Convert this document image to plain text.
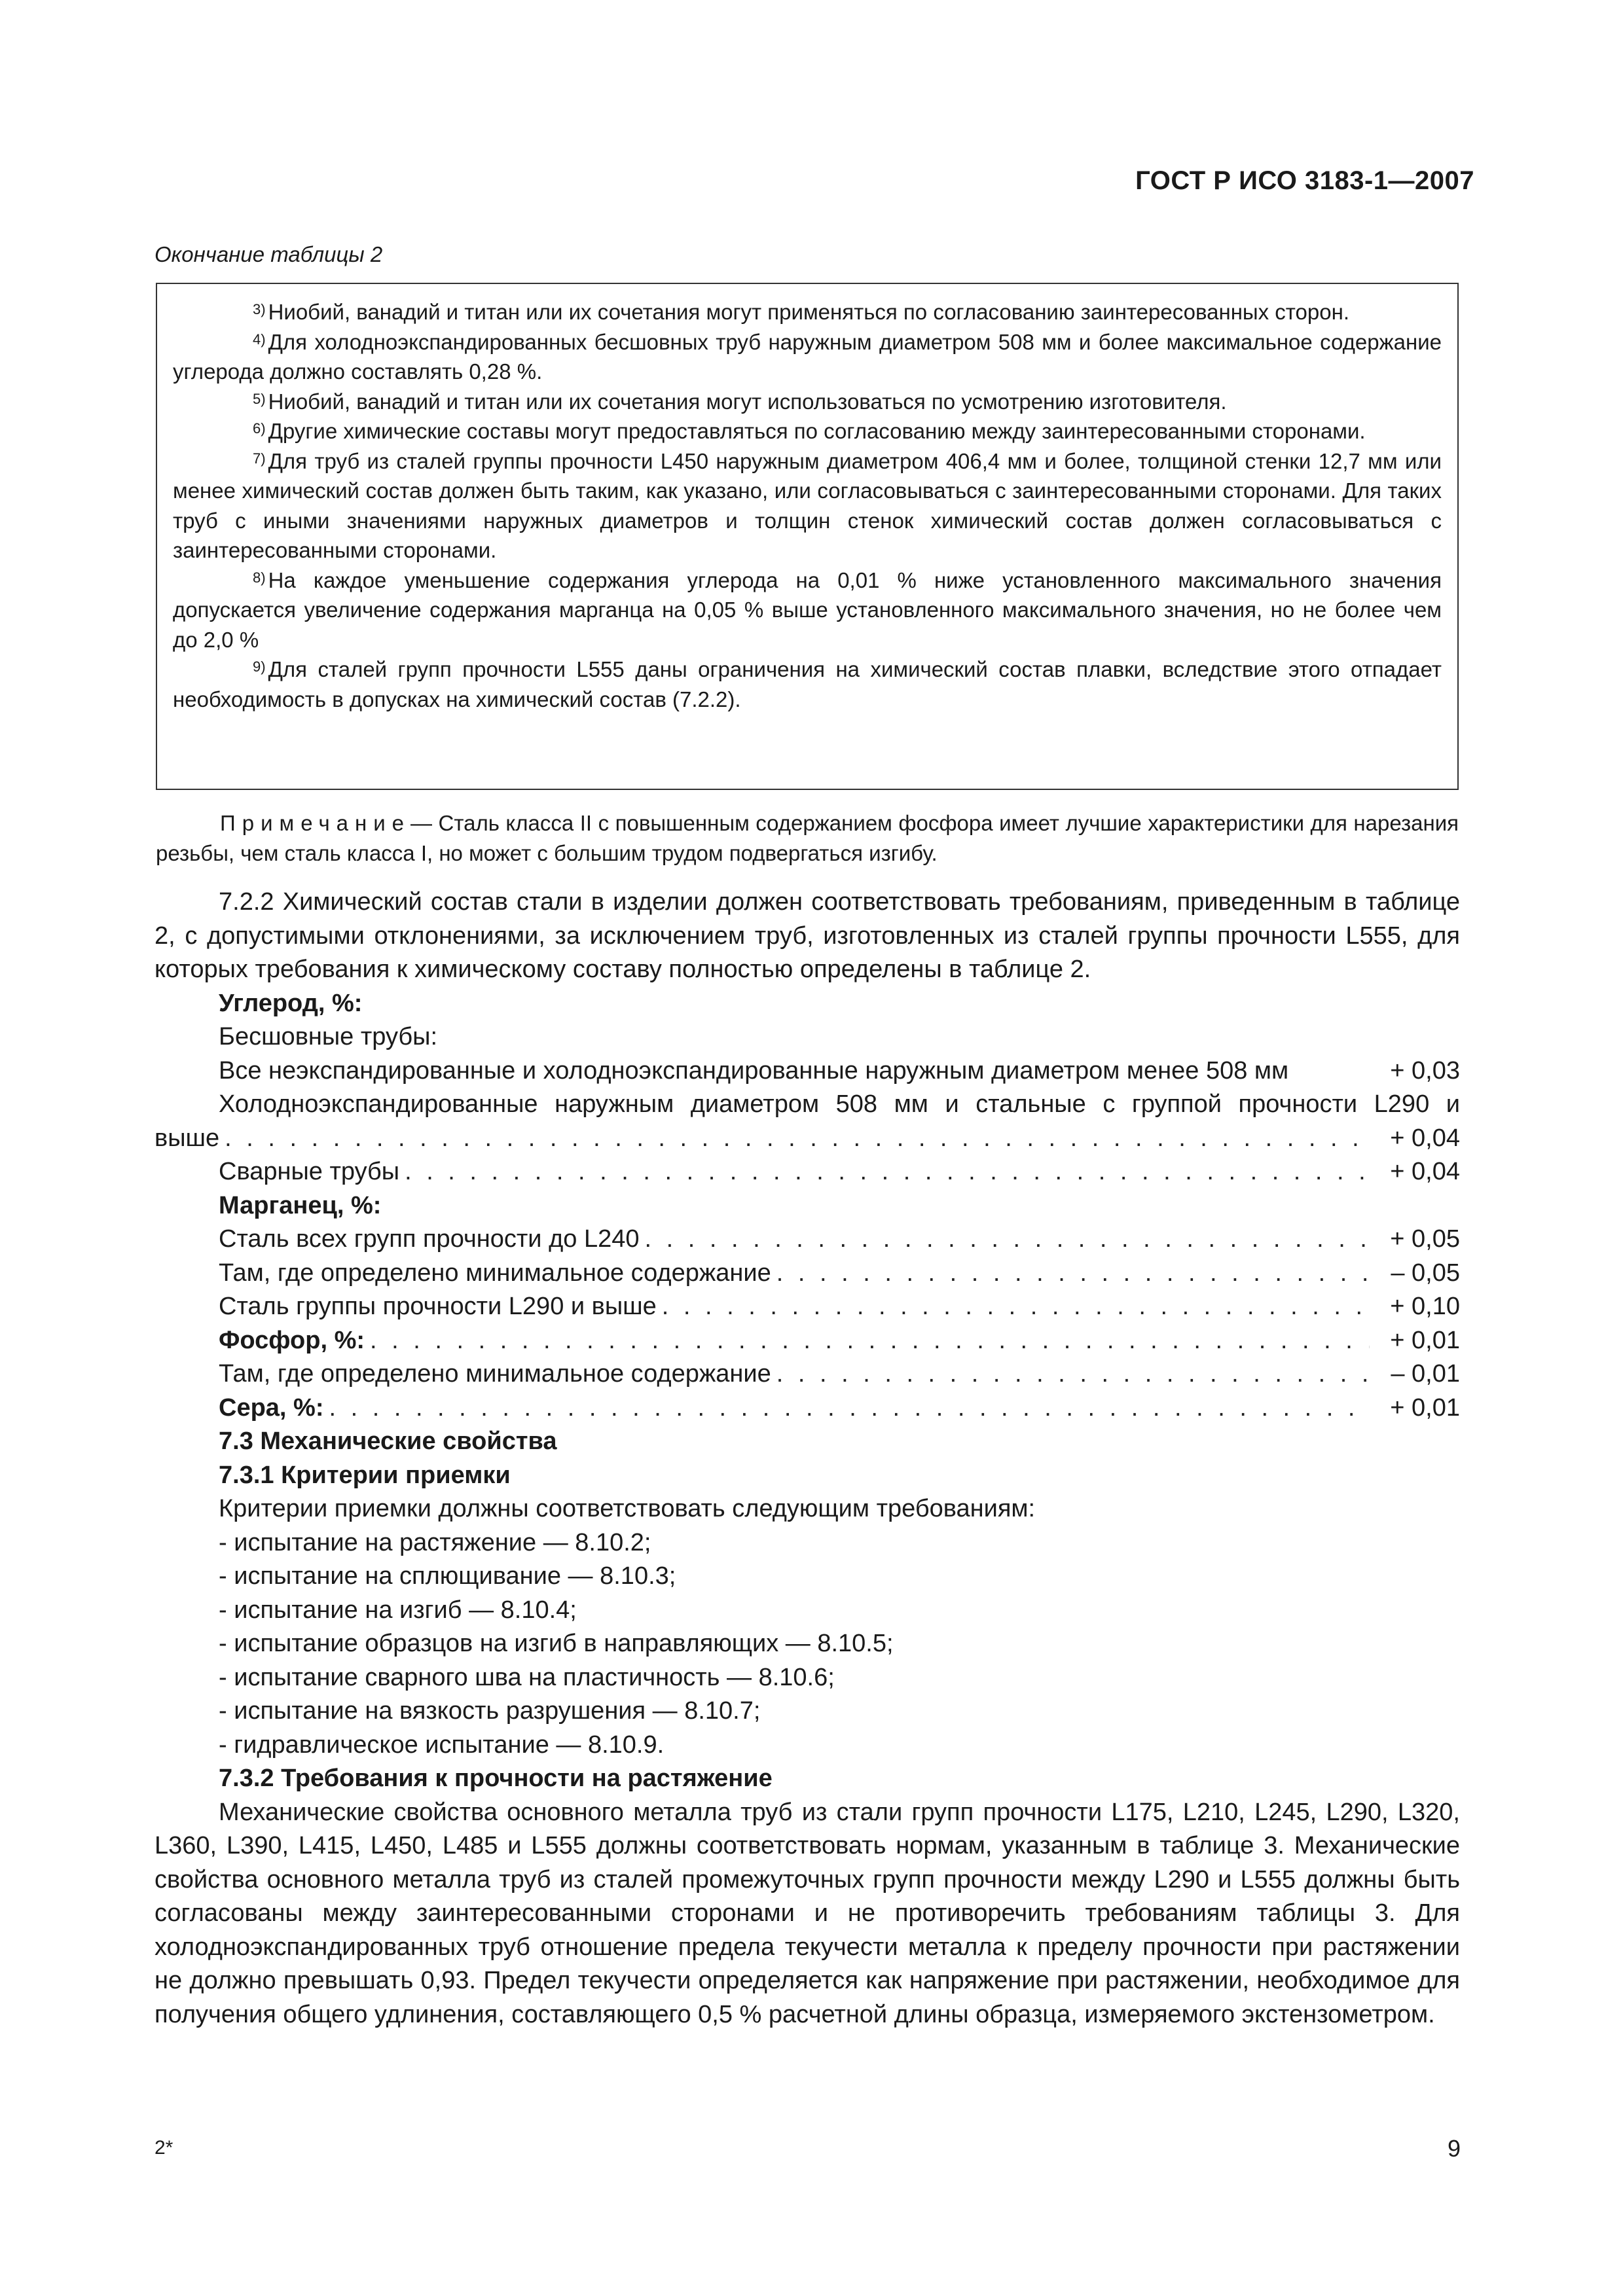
ГОСТ Р ИСО 3183-1—2007
Окончание таблицы 2

$^{3)}$ Ниобий, ванадий и титан или их сочетания могут применяться по согласованию заинтересованных сторон.

$^{4)}$ Для холодноэкспандированных бесшовных труб наружным диаметром 508 мм и более максимальное содержание углерода должно составлять 0,28 %.

$^{5)}$ Ниобий, ванадий и титан или их сочетания могут использоваться по усмотрению изготовителя.

$^{6)}$ Другие химические составы могут предоставляться по согласованию между заинтересованными сторонами.

$^{7)}$ Для труб из сталей группы прочности L450 наружным диаметром 406,4 мм и более, толщиной стенки 12,7 мм или менее химический состав должен быть таким, как указано, или согласовываться с заинтересованными сторонами. Для таких труб с иными значениями наружных диаметров и толщин стенок химический состав должен согласовываться с заинтересованными сторонами.

$^{8)}$ На каждое уменьшение содержания углерода на 0,01 % ниже установленного максимального значения допускается увеличение содержания марганца на 0,05 % выше установленного максимального значения, но не более чем до 2,0 %

$^{9)}$ Для сталей групп прочности L555 даны ограничения на химический состав плавки, вследствие этого отпадает необходимость в допусках на химический состав (7.2.2).

Примечание— Сталь класса II с повышенным содержанием фосфора имеет лучшие характеристики для нарезания резьбы, чем сталь класса I, но может с большим трудом подвергаться изгибу.

7.2.2 Химический состав стали в изделии должен соответствовать требованиям, приведенным в таблице 2, с допустимыми отклонениями, за исключением труб, изготовленных из сталей группы прочности L555, для которых требования к химическому составу полностью определены в таблице 2.

Углерод, %:

Бесшовные трубы:

Все неэкспандированные и холодноэкспандированные наружным диаметром менее 508 мм	+ 0,03

Холодноэкспандированные наружным диаметром 508 мм и стальные с группой прочности L290 и

выше . . .	+ 0,04

Сварные трубы . . .	+ 0,04

Марганец, %:

Сталь всех групп прочности до L240 . . .	+ 0,05

Там, где определено минимальное содержание . . .	– 0,05

Сталь группы прочности L290 и выше . . .	+ 0,10

Фосфор, %: . . .	+ 0,01

Там, где определено минимальное содержание . . .	– 0,01

Сера, %: . . .	+ 0,01

7.3 Механические свойства

7.3.1 Критерии приемки

Критерии приемки должны соответствовать следующим требованиям:

- испытание на растяжение — 8.10.2;

- испытание на сплющивание — 8.10.3;

- испытание на изгиб — 8.10.4;

- испытание образцов на изгиб в направляющих — 8.10.5;

- испытание сварного шва на пластичность — 8.10.6;

- испытание на вязкость разрушения — 8.10.7;

- гидравлическое испытание — 8.10.9.

7.3.2 Требования к прочности на растяжение

Механические свойства основного металла труб из стали групп прочности L175, L210, L245, L290, L320, L360, L390, L415, L450, L485 и L555 должны соответствовать нормам, указанным в таблице 3. Механические свойства основного металла труб из сталей промежуточных групп прочности между L290 и L555 должны быть согласованы между заинтересованными сторонами и не противоречить требованиям таблицы 3. Для холодноэкспандированных труб отношение предела текучести металла к пределу прочности при растяжении не должно превышать 0,93. Предел текучести определяется как напряжение при растяжении, необходимое для получения общего удлинения, составляющего 0,5 % расчетной длины образца, измеряемого экстензометром.

2*	9
